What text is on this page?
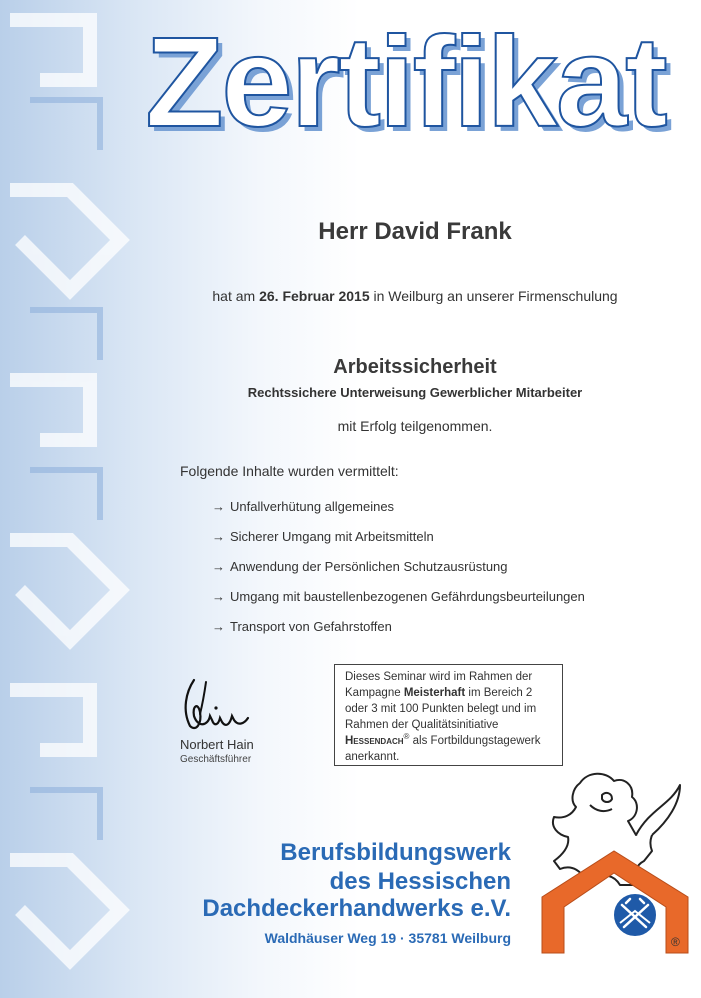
Zertifikat
Herr David Frank
hat am 26. Februar 2015 in Weilburg an unserer Firmenschulung
Arbeitssicherheit
Rechtssichere Unterweisung Gewerblicher Mitarbeiter
mit Erfolg teilgenommen.
Folgende Inhalte wurden vermittelt:
→ Unfallverhütung allgemeines
→ Sicherer Umgang mit Arbeitsmitteln
→ Anwendung der Persönlichen Schutzausrüstung
→ Umgang mit baustellenbezogenen Gefährdungsbeurteilungen
→ Transport von Gefahrstoffen
Norbert Hain
Geschäftsführer
Dieses Seminar wird im Rahmen der Kampagne Meisterhaft im Bereich 2 oder 3 mit 100 Punkten belegt und im Rahmen der Qualitätsinitiative Hessendach® als Fortbildungstagewerk anerkannt.
Berufsbildungswerk
des Hessischen
Dachdeckerhandwerks e.V.
Waldhäuser Weg 19 · 35781 Weilburg	®
